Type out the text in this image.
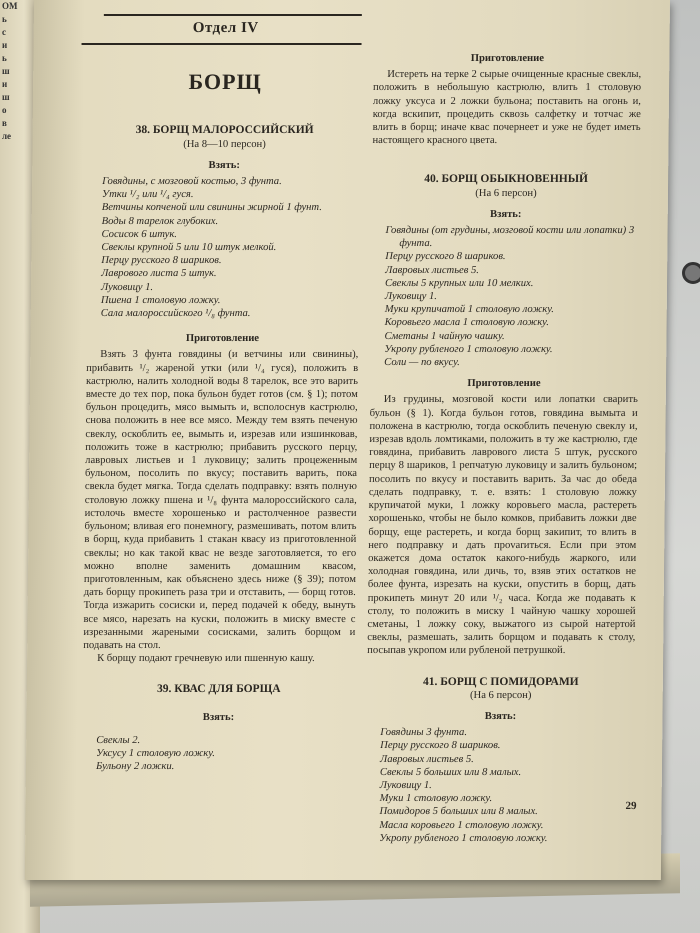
ОМ
ь
с
и
ь
ш
и
ш
о
в
ле
Отдел IV
БОРЩ
38. БОРЩ МАЛОРОССИЙСКИЙ
(На 8—10 персон)
Взять:
Говядины, с мозговой костью, 3 фунта.
Утки ¹/₂ или ¹/₄ гуся.
Ветчины копченой или свинины жирной 1 фунт.
Воды 8 тарелок глубоких.
Сосисок 6 штук.
Свеклы крупной 5 или 10 штук мелкой.
Перцу русского 8 шариков.
Лаврового листа 5 штук.
Луковицу 1.
Пшена 1 столовую ложку.
Сала малороссийского ¹/₈ фунта.
Приготовление

Взять 3 фунта говядины (и ветчины или свинины), прибавить ¹/₂ жареной утки (или ¹/₄ гуся), положить в кастрюлю, налить холодной воды 8 тарелок, все это варить вместе до тех пор, пока бульон будет готов (см. § 1); потом бульон процедить, мясо вымыть и, всполоснув кастрюлю, снова положить в нее все мясо. Между тем взять печеную свеклу, оскоблить ее, вымыть и, изрезав или изшинковав, положить тоже в кастрюлю; прибавить русского перцу, лавровых листьев и 1 луковицу; залить процеженным бульоном, посолить по вкусу; поставить варить, пока свекла будет мягка. Тогда сделать подправку: взять полную столовую ложку пшена и ¹/₈ фунта малороссийского сала, истолочь вместе хорошенько и растолченное развести бульоном; вливая его понемногу, размешивать, потом влить в борщ, куда прибавить 1 стакан квасу из приготовленной свеклы; но как такой квас не везде заготовляется, то его можно вполне заменить домашним квасом, приготовленным, как объяснено здесь ниже (§ 39); потом дать борщу прокипеть раза три и отставить, — борщ готов. Тогда изжарить сосиски и, перед подачей к обеду, вынуть все мясо, нарезать на куски, положить в миску вместе с изрезанными жареными сосисками, залить борщом и подавать на стол.

К борщу подают гречневую или пшенную кашу.

39. КВАС ДЛЯ БОРЩА
Взять:
Свеклы 2.
Уксусу 1 столовую ложку.
Бульону 2 ложки.
Приготовление

Истереть на терке 2 сырые очищенные красные свеклы, положить в небольшую кастрюлю, влить 1 столовую ложку уксуса и 2 ложки бульона; поставить на огонь и, когда вскипит, процедить сквозь салфетку и тотчас же влить в борщ; иначе квас почернеет и уже не будет иметь настоящего красного цвета.

40. БОРЩ ОБЫКНОВЕННЫЙ
(На 6 персон)
Взять:
Говядины (от грудины, мозговой кости или лопатки) 3 фунта.
Перцу русского 8 шариков.
Лавровых листьев 5.
Свеклы 5 крупных или 10 мелких.
Луковицу 1.
Муки крупичатой 1 столовую ложку.
Коровьего масла 1 столовую ложку.
Сметаны 1 чайную чашку.
Укропу рубленого 1 столовую ложку.
Соли — по вкусу.
Приготовление

Из грудины, мозговой кости или лопатки сварить бульон (§ 1). Когда бульон готов, говядина вымыта и положена в кастрюлю, тогда оскоблить печеную свеклу и, изрезав вдоль ломтиками, положить в ту же кастрюлю, где говядина, прибавить лаврового листа 5 штук, русского перцу 8 шариков, 1 репчатую луковицу и залить бульоном; посолить по вкусу и поставить варить. За час до обеда сделать подправку, т. е. взять: 1 столовую ложку крупичатой муки, 1 ложку коровьего масла, растереть хорошенько, чтобы не было комков, прибавить ложки две борщу, еще растереть, и когда борщ закипит, то влить в него подправку и дать проvarиться. Если при этом окажется дома остаток какого-нибудь жаркого, или холодная говядина, или дичь, то, взяв этих остатков не более фунта, изрезать на куски, опустить в борщ, дать прокипеть минут 20 или ¹/₂ часа. Когда же подавать к столу, то положить в миску 1 чайную чашку хорошей сметаны, 1 ложку соку, выжатого из сырой натертой свеклы, размешать, залить борщом и подавать к столу, посыпав укропом или рубленой петрушкой.

41. БОРЩ С ПОМИДОРАМИ
(На 6 персон)
Взять:
Говядины 3 фунта.
Перцу русского 8 шариков.
Лавровых листьев 5.
Свеклы 5 больших или 8 малых.
Луковицу 1.
Муки 1 столовую ложку.
Помидоров 5 больших или 8 малых.
Масла коровьего 1 столовую ложку.
Укропу рубленого 1 столовую ложку.
29
